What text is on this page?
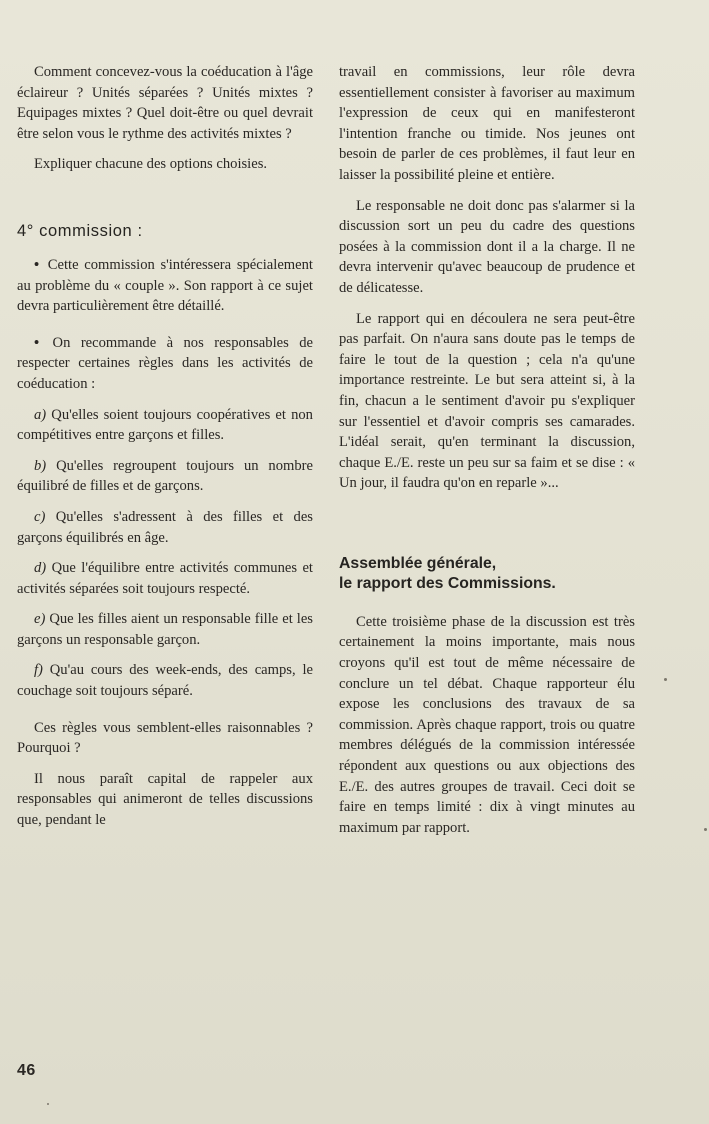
Comment concevez-vous la coéducation à l'âge éclaireur ? Unités séparées ? Unités mixtes ? Equipages mixtes ? Quel doit-être ou quel devrait être selon vous le rythme des activités mixtes ?

Expliquer chacune des options choisies.

4° commission :

• Cette commission s'intéressera spécialement au problème du « couple ». Son rapport à ce sujet devra particulièrement être détaillé.

• On recommande à nos responsables de respecter certaines règles dans les activités de coéducation :

a) Qu'elles soient toujours coopératives et non compétitives entre garçons et filles.

b) Qu'elles regroupent toujours un nombre équilibré de filles et de garçons.

c) Qu'elles s'adressent à des filles et des garçons équilibrés en âge.

d) Que l'équilibre entre activités communes et activités séparées soit toujours respecté.

e) Que les filles aient un responsable fille et les garçons un responsable garçon.

f) Qu'au cours des week-ends, des camps, le couchage soit toujours séparé.

Ces règles vous semblent-elles raisonnables ? Pourquoi ?

Il nous paraît capital de rappeler aux responsables qui animeront de telles discussions que, pendant le

travail en commissions, leur rôle devra essentiellement consister à favoriser au maximum l'expression de ceux qui en manifesteront l'intention franche ou timide. Nos jeunes ont besoin de parler de ces problèmes, il faut leur en laisser la possibilité pleine et entière.

Le responsable ne doit donc pas s'alarmer si la discussion sort un peu du cadre des questions posées à la commission dont il a la charge. Il ne devra intervenir qu'avec beaucoup de prudence et de délicatesse.

Le rapport qui en découlera ne sera peut-être pas parfait. On n'aura sans doute pas le temps de faire le tout de la question ; cela n'a qu'une importance restreinte. Le but sera atteint si, à la fin, chacun a le sentiment d'avoir pu s'expliquer sur l'essentiel et d'avoir compris ses camarades. L'idéal serait, qu'en terminant la discussion, chaque E./E. reste un peu sur sa faim et se dise : « Un jour, il faudra qu'on en reparle »...

Assemblée générale,
le rapport des Commissions.

Cette troisième phase de la discussion est très certainement la moins importante, mais nous croyons qu'il est tout de même nécessaire de conclure un tel débat. Chaque rapporteur élu expose les conclusions des travaux de sa commission. Après chaque rapport, trois ou quatre membres délégués de la commission intéressée répondent aux questions ou aux objections des E./E. des autres groupes de travail. Ceci doit se faire en temps limité : dix à vingt minutes au maximum par rapport.

46
